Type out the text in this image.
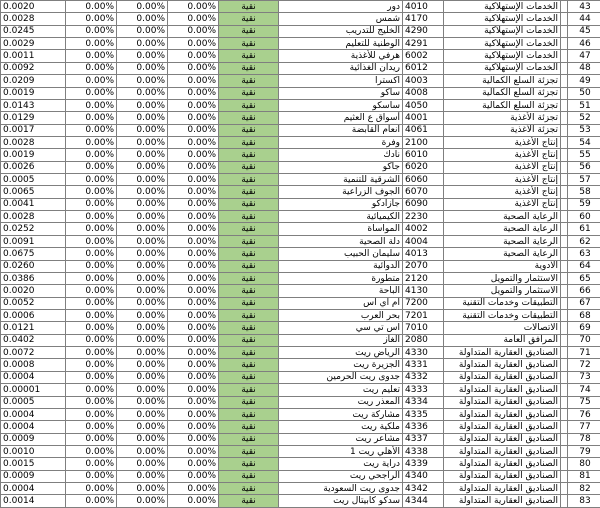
0.0020	0.00%	0.00%	0.00%	نقية	دور	4010	الخدمات الإستهلاكية		43
0.0028	0.00%	0.00%	0.00%	نقية	شمس	4170	الخدمات الإستهلاكية		44
0.0245	0.00%	0.00%	0.00%	نقية	الخليج للتدريب	4290	الخدمات الإستهلاكية		45
0.0029	0.00%	0.00%	0.00%	نقية	الوطنية للتعليم	4291	الخدمات الإستهلاكية		46
0.0011	0.00%	0.00%	0.00%	نقية	هرفي للأغذية	6002	الخدمات الإستهلاكية		47
0.0092	0.00%	0.00%	0.00%	نقية	ريدان الغذائية	6012	الخدمات الإستهلاكية		48
0.0209	0.00%	0.00%	0.00%	نقية	اكسترا	4003	تجزئة السلع الكمالية		49
0.0019	0.00%	0.00%	0.00%	نقية	ساكو	4008	تجزئة السلع الكمالية		50
0.0143	0.00%	0.00%	0.00%	نقية	ساسكو	4050	تجزئة السلع الكمالية		51
0.0129	0.00%	0.00%	0.00%	نقية	أسواق ع العثيم	4001	تجزئة الأغذية		52
0.0017	0.00%	0.00%	0.00%	نقية	أنعام القابضة	4061	تجزئة الأغذية		53
0.0028	0.00%	0.00%	0.00%	نقية	وفرة	2100	إنتاج الأغذية		54
0.0019	0.00%	0.00%	0.00%	نقية	نادك	6010	إنتاج الأغذية		55
0.0026	0.00%	0.00%	0.00%	نقية	جاكو	6020	إنتاج الأغذية		56
0.0005	0.00%	0.00%	0.00%	نقية	الشرقية للتنمية	6060	إنتاج الأغذية		57
0.0065	0.00%	0.00%	0.00%	نقية	الجوف الزراعية	6070	إنتاج الأغذية		58
0.0041	0.00%	0.00%	0.00%	نقية	جازادكو	6090	إنتاج الأغذية		59
0.0028	0.00%	0.00%	0.00%	نقية	الكيميائية	2230	الرعاية الصحية		60
0.0252	0.00%	0.00%	0.00%	نقية	المواساة	4002	الرعاية الصحية		61
0.0091	0.00%	0.00%	0.00%	نقية	دلة الصحية	4004	الرعاية الصحية		62
0.0675	0.00%	0.00%	0.00%	نقية	سليمان الحبيب	4013	الرعاية الصحية		63
0.0260	0.00%	0.00%	0.00%	نقية	الدوائية	2070	الادوية		64
0.0386	0.00%	0.00%	0.00%	نقية	متطورة	2120	الاستثمار والتمويل		65
0.0020	0.00%	0.00%	0.00%	نقية	الباحة	4130	الاستثمار والتمويل		66
0.0052	0.00%	0.00%	0.00%	نقية	ام آي اس	7200	التطبيقات وخدمات التقنية		67
0.0006	0.00%	0.00%	0.00%	نقية	بحر العرب	7201	التطبيقات وخدمات التقنية		68
0.0121	0.00%	0.00%	0.00%	نقية	اس تي سي	7010	الاتصالات		69
0.0402	0.00%	0.00%	0.00%	نقية	الغاز	2080	المرافق العامة		70
0.0072	0.00%	0.00%	0.00%	نقية	الرياض ريت	4330	الصناديق العقارية المتداولة		71
0.0008	0.00%	0.00%	0.00%	نقية	الجزيرة ريت	4331	الصناديق العقارية المتداولة		72
0.0004	0.00%	0.00%	0.00%	نقية	جدوى ريت الحرمين	4332	الصناديق العقارية المتداولة		73
0.00001	0.00%	0.00%	0.00%	نقية	تعليم ريت	4333	الصناديق العقارية المتداولة		74
0.0005	0.00%	0.00%	0.00%	نقية	المعذر ريت	4334	الصناديق العقارية المتداولة		75
0.0004	0.00%	0.00%	0.00%	نقية	مشاركة ريت	4335	الصناديق العقارية المتداولة		76
0.0004	0.00%	0.00%	0.00%	نقية	ملكية ريت	4336	الصناديق العقارية المتداولة		77
0.0009	0.00%	0.00%	0.00%	نقية	مشاعر ريت	4337	الصناديق العقارية المتداولة		78
0.0010	0.00%	0.00%	0.00%	نقية	الأهلي ريت 1	4338	الصناديق العقارية المتداولة		79
0.0015	0.00%	0.00%	0.00%	نقية	دراية ريت	4339	الصناديق العقارية المتداولة		80
0.0009	0.00%	0.00%	0.00%	نقية	الراجحي ريت	4340	الصناديق العقارية المتداولة		81
0.0004	0.00%	0.00%	0.00%	نقية	جدوى ريت السعودية	4342	الصناديق العقارية المتداولة		82
0.0014	0.00%	0.00%	0.00%	نقية	سدكو كابيتال ريت	4344	الصناديق العقارية المتداولة		83
